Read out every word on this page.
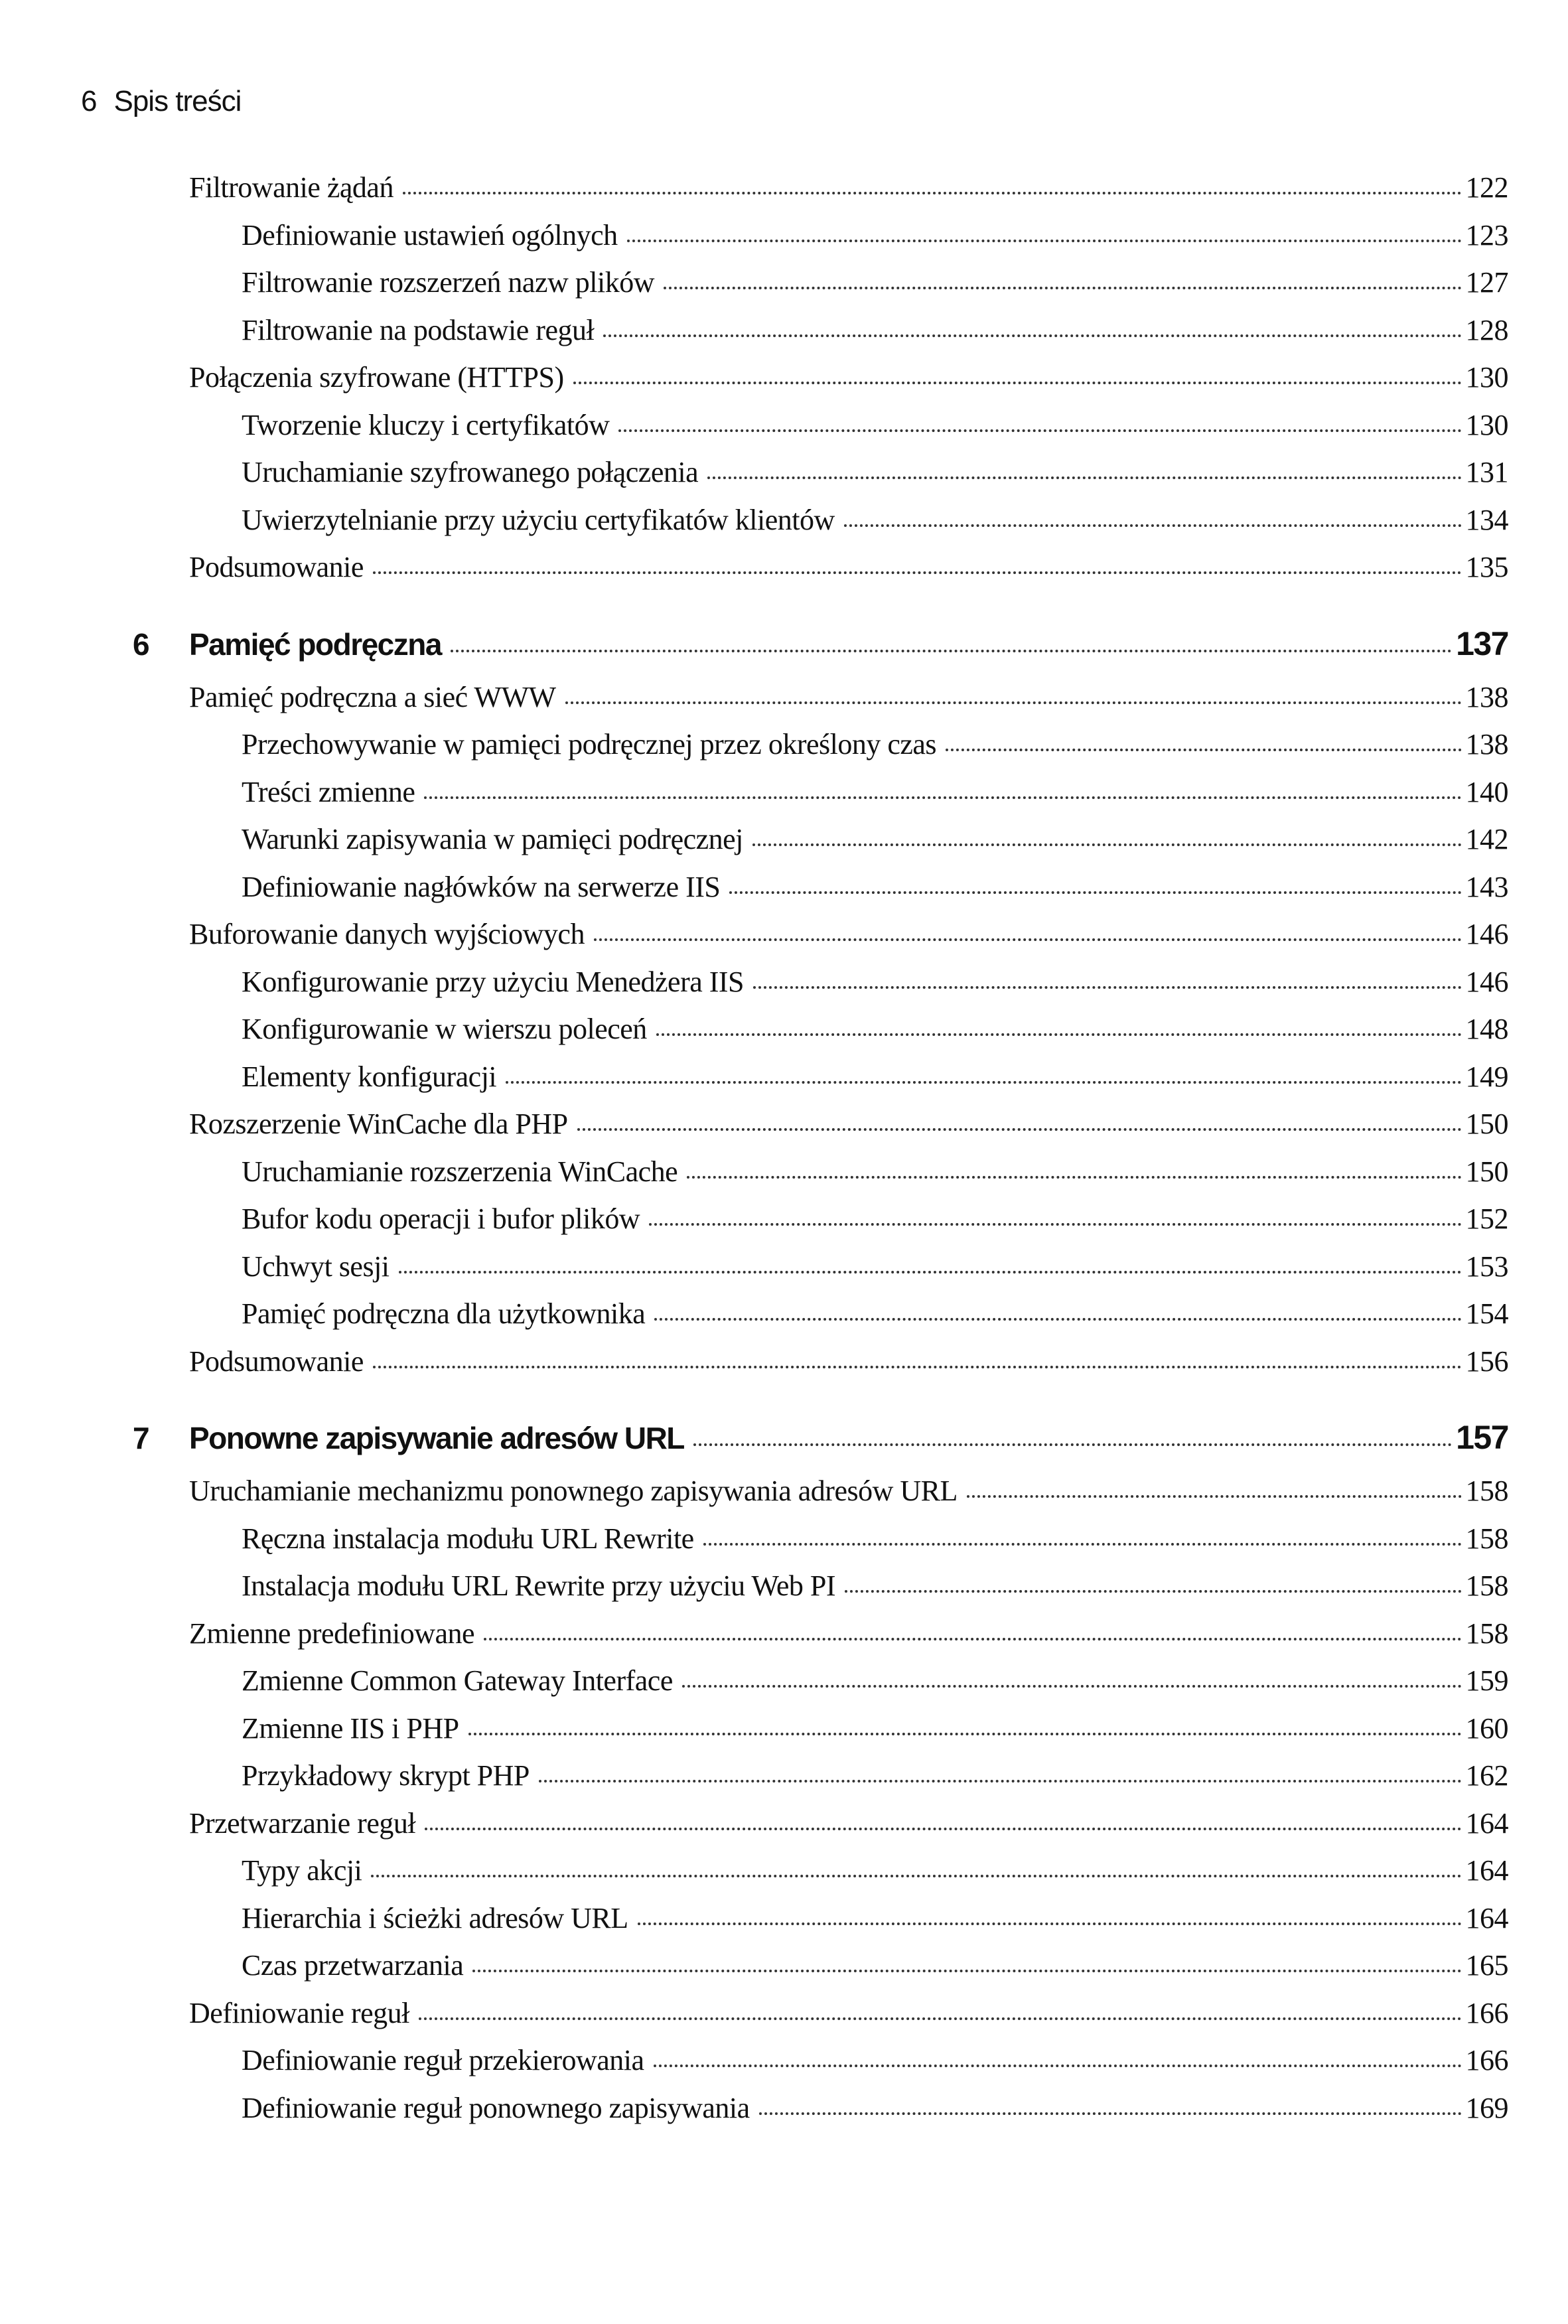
6 Spis treści
Filtrowanie żądań	122
Definiowanie ustawień ogólnych	123
Filtrowanie rozszerzeń nazw plików	127
Filtrowanie na podstawie reguł	128
Połączenia szyfrowane (HTTPS)	130
Tworzenie kluczy i certyfikatów	130
Uruchamianie szyfrowanego połączenia	131
Uwierzytelnianie przy użyciu certyfikatów klientów	134
Podsumowanie	135
6	Pamięć podręczna	137
Pamięć podręczna a sieć WWW	138
Przechowywanie w pamięci podręcznej przez określony czas	138
Treści zmienne	140
Warunki zapisywania w pamięci podręcznej	142
Definiowanie nagłówków na serwerze IIS	143
Buforowanie danych wyjściowych	146
Konfigurowanie przy użyciu Menedżera IIS	146
Konfigurowanie w wierszu poleceń	148
Elementy konfiguracji	149
Rozszerzenie WinCache dla PHP	150
Uruchamianie rozszerzenia WinCache	150
Bufor kodu operacji i bufor plików	152
Uchwyt sesji	153
Pamięć podręczna dla użytkownika	154
Podsumowanie	156
7	Ponowne zapisywanie adresów URL	157
Uruchamianie mechanizmu ponownego zapisywania adresów URL	158
Ręczna instalacja modułu URL Rewrite	158
Instalacja modułu URL Rewrite przy użyciu Web PI	158
Zmienne predefiniowane	158
Zmienne Common Gateway Interface	159
Zmienne IIS i PHP	160
Przykładowy skrypt PHP	162
Przetwarzanie reguł	164
Typy akcji	164
Hierarchia i ścieżki adresów URL	164
Czas przetwarzania	165
Definiowanie reguł	166
Definiowanie reguł przekierowania	166
Definiowanie reguł ponownego zapisywania	169
